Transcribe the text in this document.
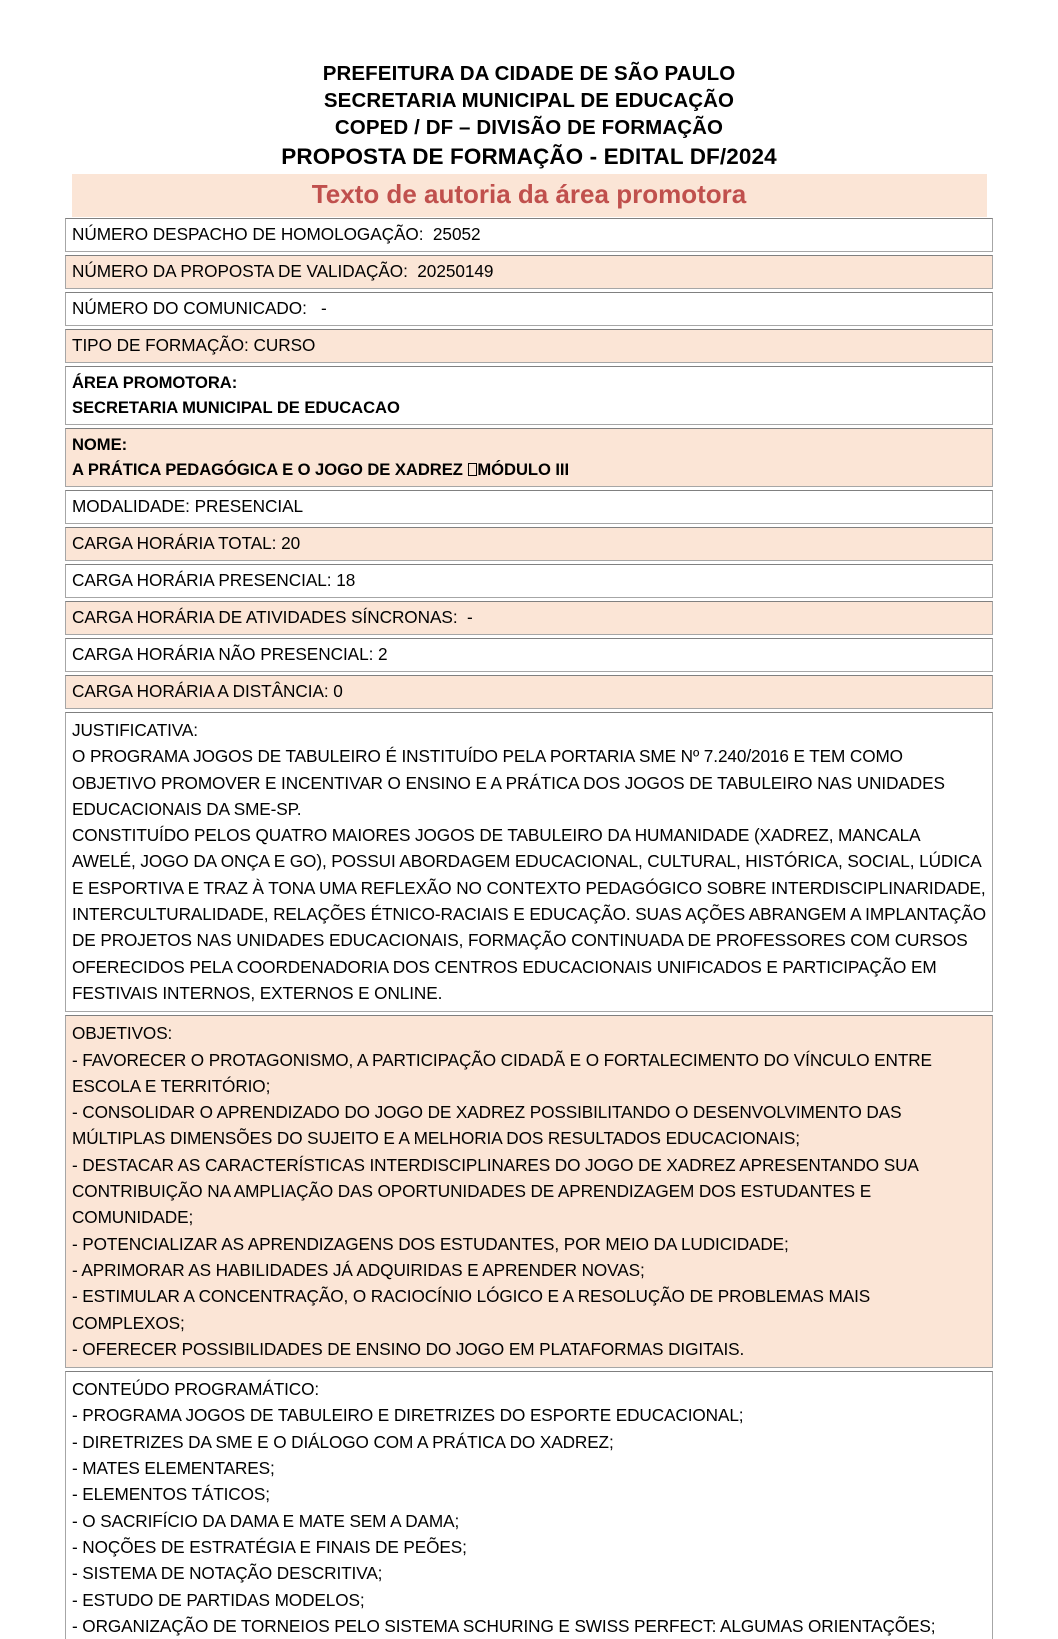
PREFEITURA DA CIDADE DE SÃO PAULO
SECRETARIA MUNICIPAL DE EDUCAÇÃO
COPED / DF – DIVISÃO DE FORMAÇÃO
PROPOSTA DE FORMAÇÃO - EDITAL DF/2024
Texto de autoria da área promotora
NÚMERO DESPACHO DE HOMOLOGAÇÃO:  25052
NÚMERO DA PROPOSTA DE VALIDAÇÃO:  20250149
NÚMERO DO COMUNICADO:   -
TIPO DE FORMAÇÃO: CURSO
ÁREA PROMOTORA:
SECRETARIA MUNICIPAL DE EDUCACAO
NOME:
A PRÁTICA PEDAGÓGICA E O JOGO DE XADREZ MÓDULO III
MODALIDADE: PRESENCIAL
CARGA HORÁRIA TOTAL: 20
CARGA HORÁRIA PRESENCIAL: 18
CARGA HORÁRIA DE ATIVIDADES SÍNCRONAS:  -
CARGA HORÁRIA NÃO PRESENCIAL: 2
CARGA HORÁRIA A DISTÂNCIA: 0
JUSTIFICATIVA:
O PROGRAMA JOGOS DE TABULEIRO É INSTITUÍDO PELA PORTARIA SME Nº 7.240/2016 E TEM COMO OBJETIVO PROMOVER E INCENTIVAR O ENSINO E A PRÁTICA DOS JOGOS DE TABULEIRO NAS UNIDADES EDUCACIONAIS DA SME-SP.
CONSTITUÍDO PELOS QUATRO MAIORES JOGOS DE TABULEIRO DA HUMANIDADE (XADREZ, MANCALA AWELÉ, JOGO DA ONÇA E GO), POSSUI ABORDAGEM EDUCACIONAL, CULTURAL, HISTÓRICA, SOCIAL, LÚDICA E ESPORTIVA E TRAZ À TONA UMA REFLEXÃO NO CONTEXTO PEDAGÓGICO SOBRE INTERDISCIPLINARIDADE, INTERCULTURALIDADE, RELAÇÕES ÉTNICO-RACIAIS E EDUCAÇÃO. SUAS AÇÕES ABRANGEM A IMPLANTAÇÃO DE PROJETOS NAS UNIDADES EDUCACIONAIS, FORMAÇÃO CONTINUADA DE PROFESSORES COM CURSOS OFERECIDOS PELA COORDENADORIA DOS CENTROS EDUCACIONAIS UNIFICADOS E PARTICIPAÇÃO EM FESTIVAIS INTERNOS, EXTERNOS E ONLINE.
OBJETIVOS:
- FAVORECER O PROTAGONISMO, A PARTICIPAÇÃO CIDADÃ E O FORTALECIMENTO DO VÍNCULO ENTRE ESCOLA E TERRITÓRIO;
- CONSOLIDAR O APRENDIZADO DO JOGO DE XADREZ POSSIBILITANDO O DESENVOLVIMENTO DAS MÚLTIPLAS DIMENSÕES DO SUJEITO E A MELHORIA DOS RESULTADOS EDUCACIONAIS;
- DESTACAR AS CARACTERÍSTICAS INTERDISCIPLINARES DO JOGO DE XADREZ APRESENTANDO SUA CONTRIBUIÇÃO NA AMPLIAÇÃO DAS OPORTUNIDADES DE APRENDIZAGEM DOS ESTUDANTES E COMUNIDADE;
- POTENCIALIZAR AS APRENDIZAGENS DOS ESTUDANTES, POR MEIO DA LUDICIDADE;
- APRIMORAR AS HABILIDADES JÁ ADQUIRIDAS E APRENDER NOVAS;
- ESTIMULAR A CONCENTRAÇÃO, O RACIOCÍNIO LÓGICO E A RESOLUÇÃO DE PROBLEMAS MAIS COMPLEXOS;
- OFERECER POSSIBILIDADES DE ENSINO DO JOGO EM PLATAFORMAS DIGITAIS.
CONTEÚDO PROGRAMÁTICO:
- PROGRAMA JOGOS DE TABULEIRO E DIRETRIZES DO ESPORTE EDUCACIONAL;
- DIRETRIZES DA SME E O DIÁLOGO COM A PRÁTICA DO XADREZ;
- MATES ELEMENTARES;
- ELEMENTOS TÁTICOS;
- O SACRIFÍCIO DA DAMA E MATE SEM A DAMA;
- NOÇÕES DE ESTRATÉGIA E FINAIS DE PEÕES;
- SISTEMA DE NOTAÇÃO DESCRITIVA;
- ESTUDO DE PARTIDAS MODELOS;
- ORGANIZAÇÃO DE TORNEIOS PELO SISTEMA SCHURING E SWISS PERFECT: ALGUMAS ORIENTAÇÕES;
